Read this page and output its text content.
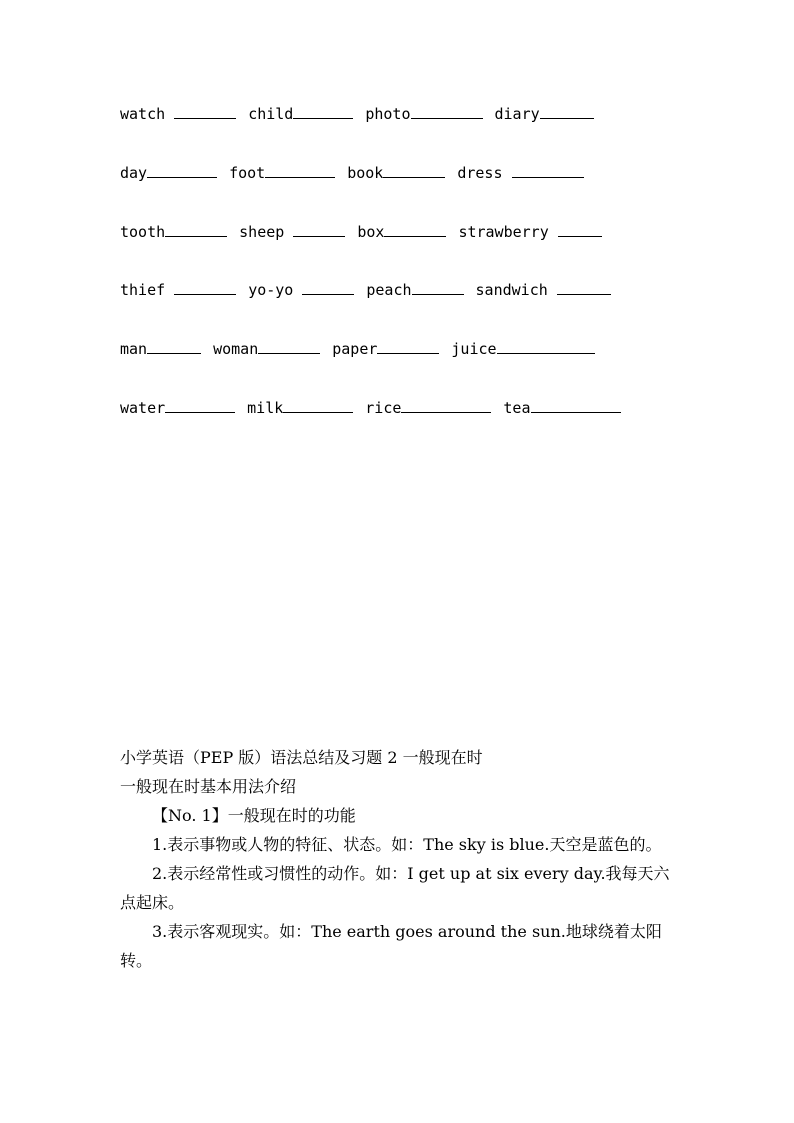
watch	child	photo	diary
day	foot	book	dress
tooth	sheep	box	strawberry
thief	yo-yo	peach	sandwich
man	woman	paper	juice
water	milk	rice	tea

小学英语（PEP 版）语法总结及习题 2 一般现在时

一般现在时基本用法介绍

【No. 1】一般现在时的功能

1.表示事物或人物的特征、状态。如：The sky is blue.天空是蓝色的。

2.表示经常性或习惯性的动作。如：I get up at six every day.我每天六点起床。

3.表示客观现实。如：The earth goes around the sun.地球绕着太阳转。
